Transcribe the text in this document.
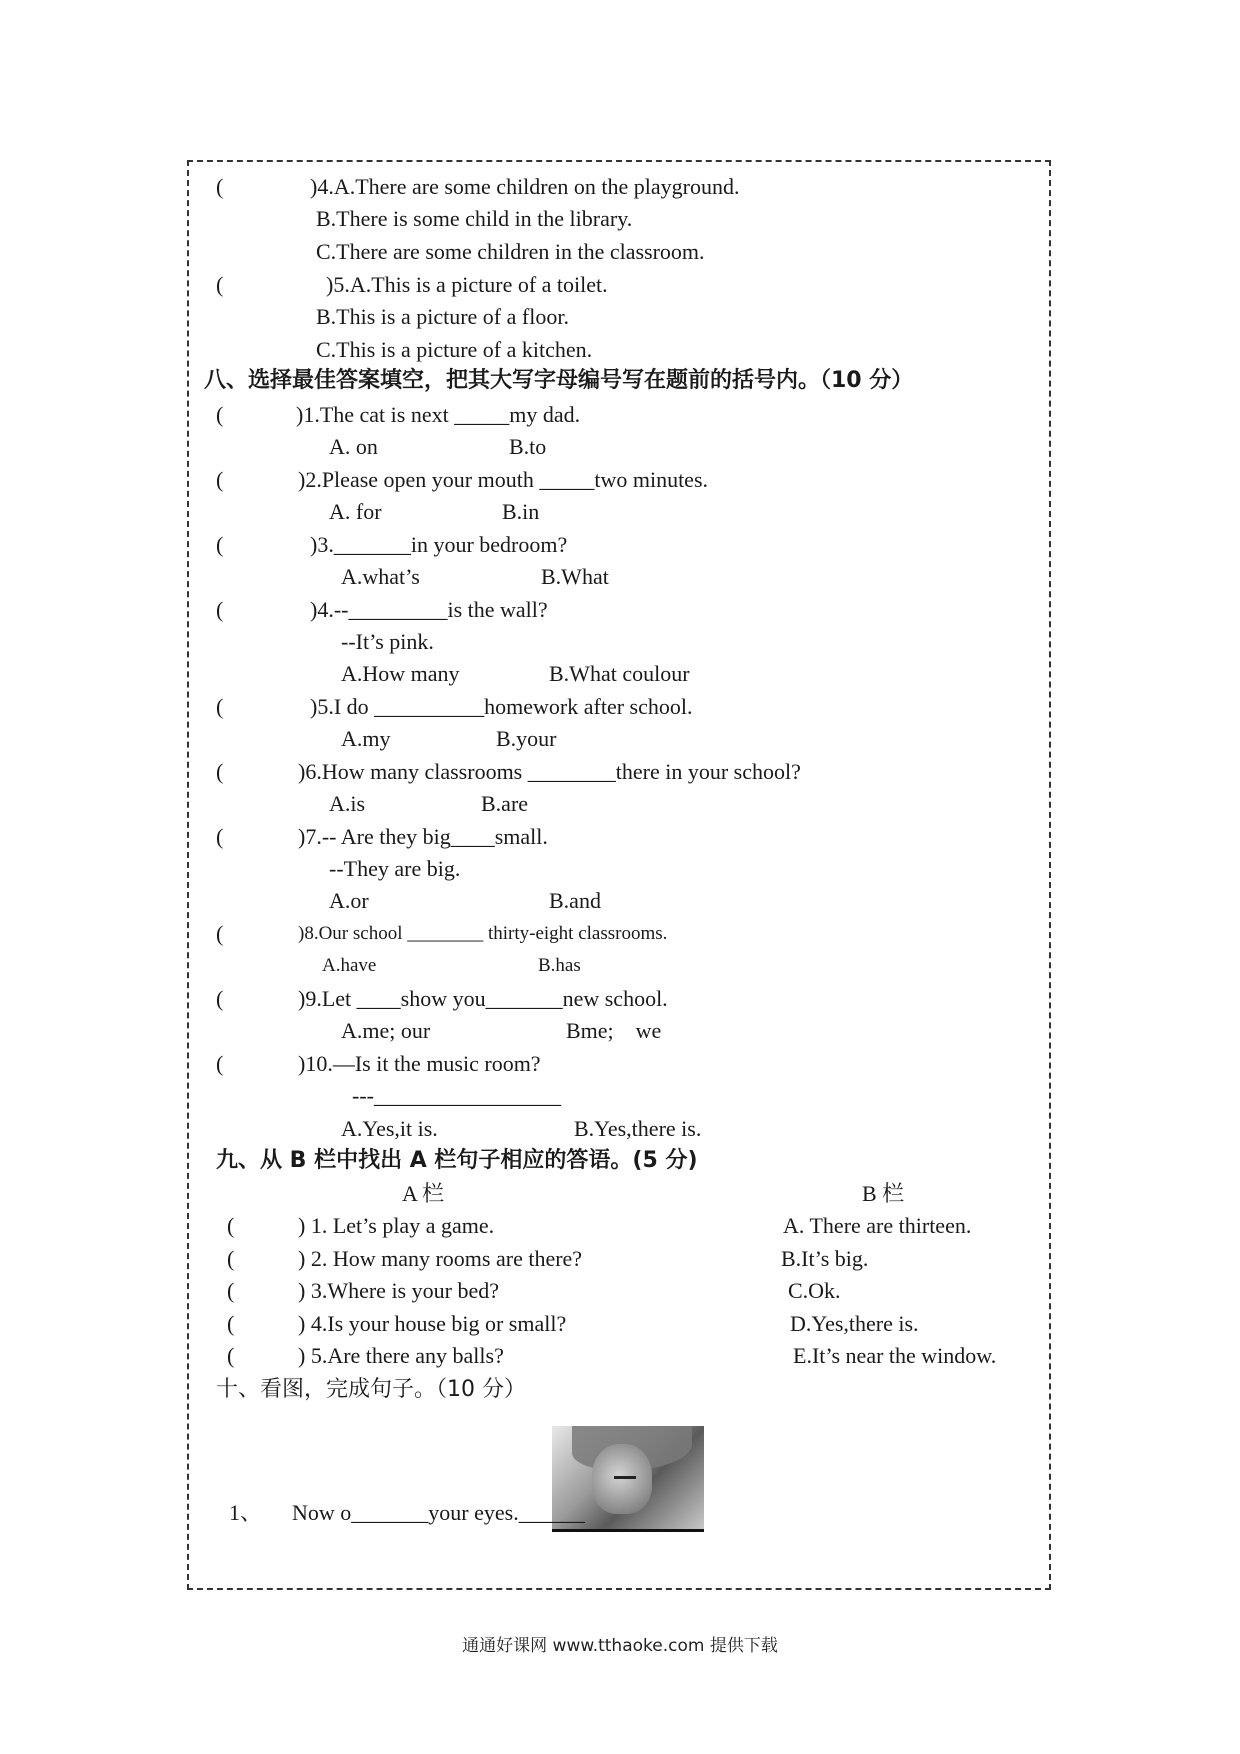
(	)4.A.There are some children on the playground.
B.There is some child in the library.
C.There are some children in the classroom.
(	)5.A.This is a picture of a toilet.
B.This is a picture of a floor.
C.This is a picture of a kitchen.
八、选择最佳答案填空，把其大写字母编号写在题前的括号内。（10 分）
(	)1.The cat is next _____my dad.
A. on	B.to
(	)2.Please open your mouth _____two minutes.
A. for	B.in
(	)3._______in your bedroom?
A.what’s	B.What
(	)4.--_________is the wall?
--It’s pink.
A.How many	B.What coulour
(	)5.I do __________homework after school.
A.my	B.your
(	)6.How many classrooms ________there in your school?
A.is	B.are
(	)7.-- Are they big____small.
--They are big.
A.or	B.and
(	)8.Our school ________ thirty-eight classrooms.
A.have	B.has
(	)9.Let ____show you_______new school.
A.me; our	Bme;    we
(	)10.—Is it the music room?
---_________________
A.Yes,it is.	B.Yes,there is.
九、从 B 栏中找出 A 栏句子相应的答语。(5 分)
A 栏	B 栏
(	) 1. Let’s play a game.	A. There are thirteen.
(	) 2. How many rooms are there?	B.It’s big.
(	) 3.Where is your bed?	C.Ok.
(	) 4.Is your house big or small?	D.Yes,there is.
(	) 5.Are there any balls?	E.It’s near the window.
十、看图，完成句子。（10 分）
1、 Now o_______your eyes.______
通通好课网 www.tthaoke.com 提供下载
